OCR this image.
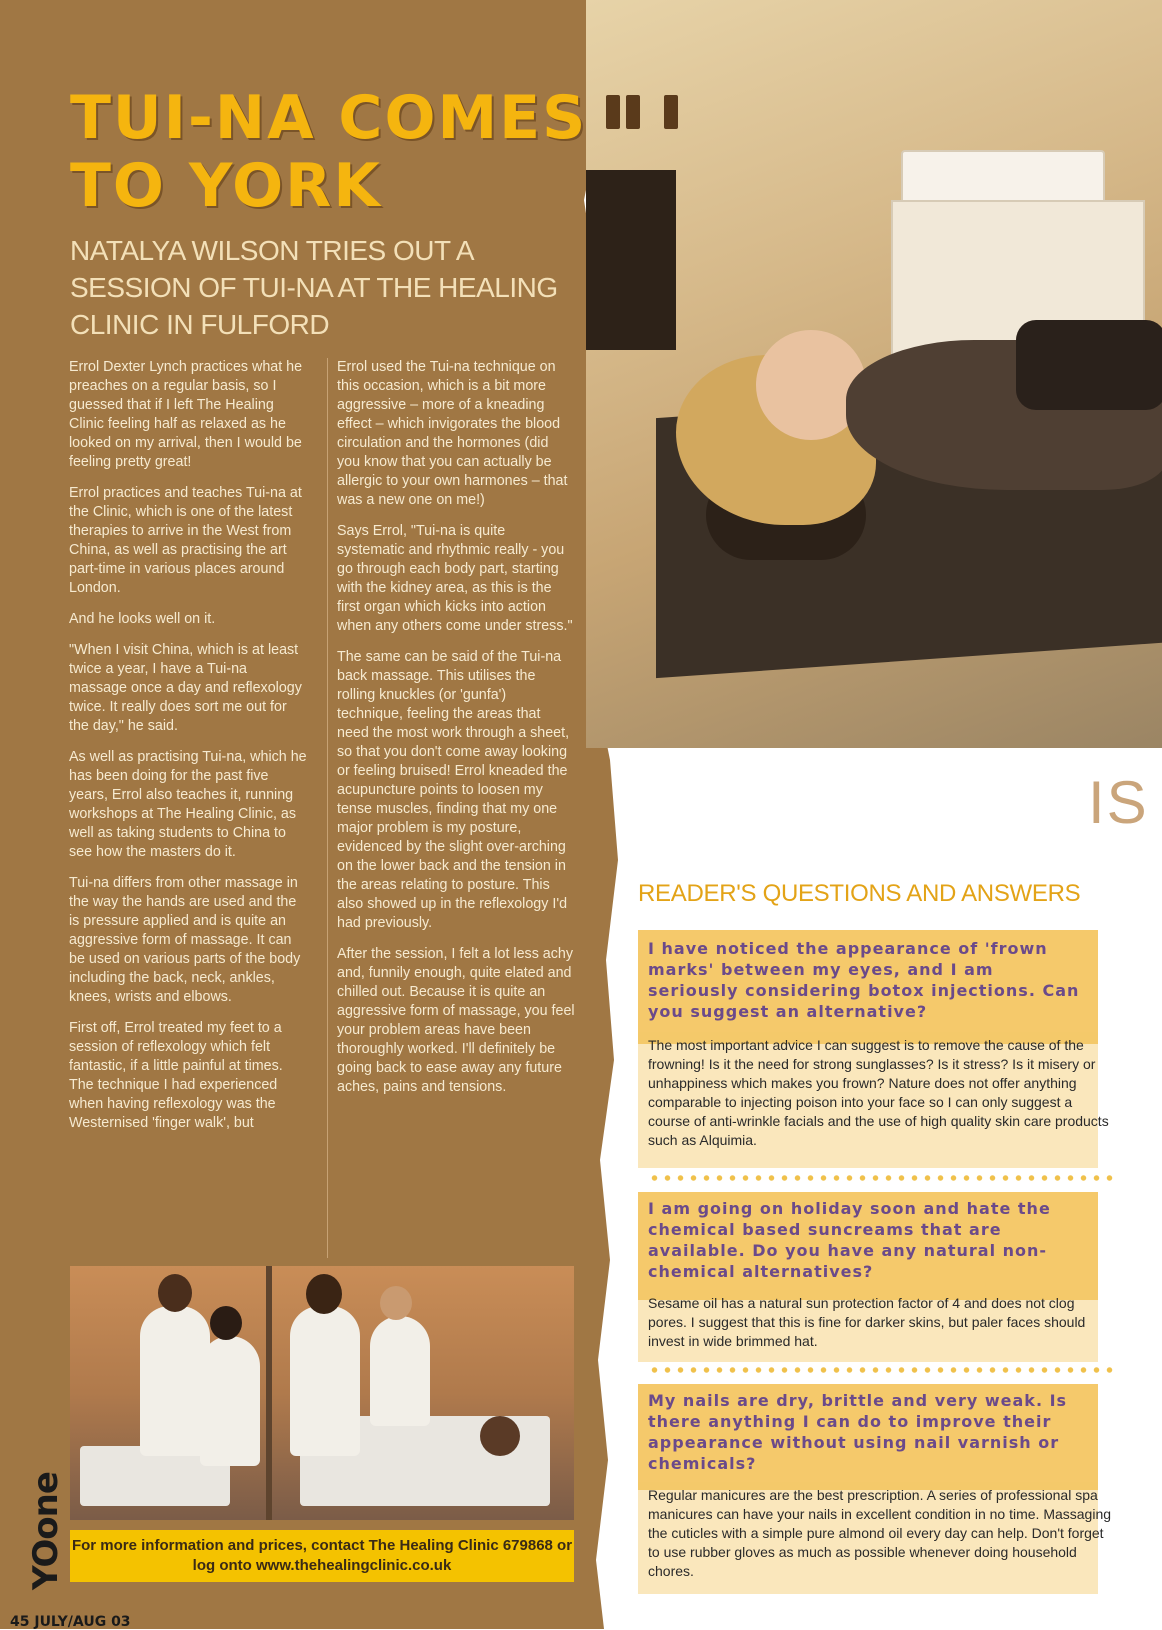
TUI-NA COMES TO YORK
NATALYA WILSON TRIES OUT A SESSION OF TUI-NA AT THE HEALING CLINIC IN FULFORD

Errol Dexter Lynch practices what he preaches on a regular basis, so I guessed that if I left The Healing Clinic feeling half as relaxed as he looked on my arrival, then I would be feeling pretty great!

Errol practices and teaches Tui-na at the Clinic, which is one of the latest therapies to arrive in the West from China, as well as practising the art part-time in various places around London.

And he looks well on it.

"When I visit China, which is at least twice a year, I have a Tui-na massage once a day and reflexology twice. It really does sort me out for the day," he said.

As well as practising Tui-na, which he has been doing for the past five years, Errol also teaches it, running workshops at The Healing Clinic, as well as taking students to China to see how the masters do it.

Tui-na differs from other massage in the way the hands are used and the is pressure applied and is quite an aggressive form of massage. It can be used on various parts of the body including the back, neck, ankles, knees, wrists and elbows.

First off, Errol treated my feet to a session of reflexology which felt fantastic, if a little painful at times. The technique I had experienced when having reflexology was the Westernised 'finger walk', but

Errol used the Tui-na technique on this occasion, which is a bit more aggressive – more of a kneading effect – which invigorates the blood circulation and the hormones (did you know that you can actually be allergic to your own harmones – that was a new one on me!)

Says Errol, "Tui-na is quite systematic and rhythmic really - you go through each body part, starting with the kidney area, as this is the first organ which kicks into action when any others come under stress."

The same can be said of the Tui-na back massage. This utilises the rolling knuckles (or 'gunfa') technique, feeling the areas that need the most work through a sheet, so that you don't come away looking or feeling bruised! Errol kneaded the acupuncture points to loosen my tense muscles, finding that my one major problem is my posture, evidenced by the slight over-arching on the lower back and the tension in the areas relating to posture. This also showed up in the reflexology I'd had previously.

After the session, I felt a lot less achy and, funnily enough, quite elated and chilled out. Because it is quite an aggressive form of massage, you feel your problem areas have been thoroughly worked. I'll definitely be going back to ease away any future aches, pains and tensions.

For more information and prices, contact The Healing Clinic 679868 or log onto www.thehealingclinic.co.uk
YOone
45 JULY/AUG 03
IS
READER'S QUESTIONS AND ANSWERS
I have noticed the appearance of 'frown marks' between my eyes, and I am seriously considering botox injections. Can you suggest an alternative?
The most important advice I can suggest is to remove the cause of the frowning! Is it the need for strong sunglasses? Is it stress? Is it misery or unhappiness which makes you frown? Nature does not offer anything comparable to injecting poison into your face so I can only suggest a course of anti-wrinkle facials and the use of high quality skin care products such as Alquimia.
I am going on holiday soon and hate the chemical based suncreams that are available. Do you have any natural non-chemical alternatives?
Sesame oil has a natural sun protection factor of 4 and does not clog pores. I suggest that this is fine for darker skins, but paler faces should invest in wide brimmed hat.
My nails are dry, brittle and very weak. Is there anything I can do to improve their appearance without using nail varnish or chemicals?
Regular manicures are the best prescription. A series of professional spa manicures can have your nails in excellent condition in no time. Massaging the cuticles with a simple pure almond oil every day can help. Don't forget to use rubber gloves as much as possible whenever doing household chores.
